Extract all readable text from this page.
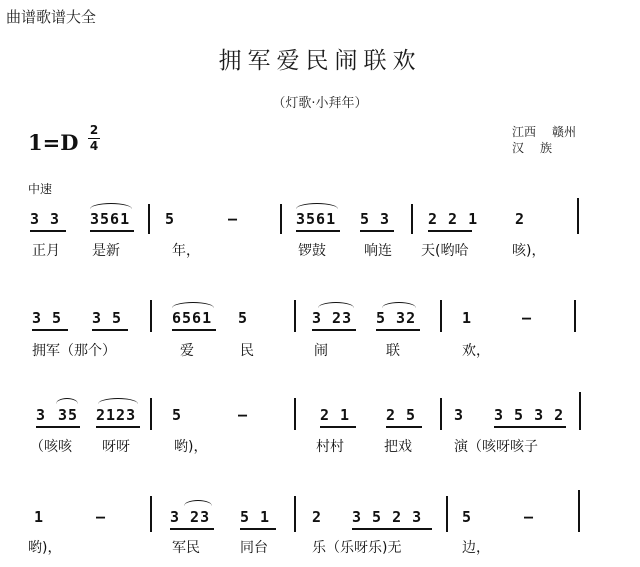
曲谱歌谱大全
拥军爱民闹联欢
（灯歌·小拜年）
1=D 2
4
江西 赣州
汉 族
中速
3 3 3561 5	–	3561 5 3	2 2 1 2
正月 是新	年，	锣鼓	响连 天(哟哈	咳)，
3 5 3 5	6561 5	3 23 5 32	1	–
拥军（那个）	爱	民	闹	联	欢，
3 35 2123 5	–	2 1 2 5	3 3 5 3 2
（咳咳 呀呀	哟)，	村村	把戏	演（咳呀咳子
1	–	3 23 5 1	2 3 5 2 3	5	–
哟)，	军民	同台	乐（乐呀乐)无	边，
